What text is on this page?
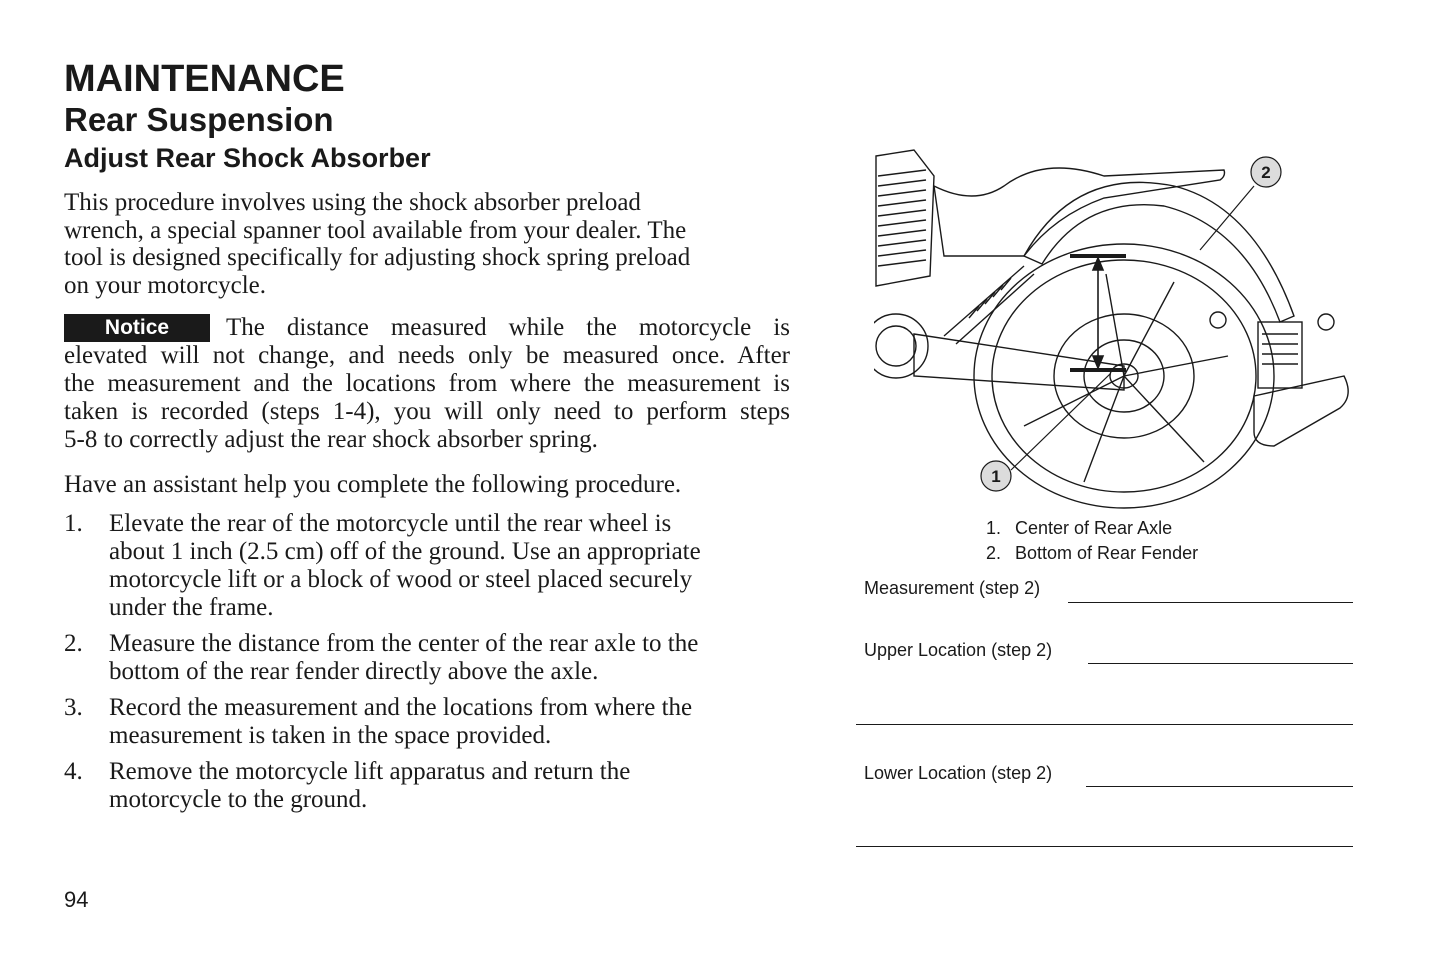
MAINTENANCE
Rear Suspension
Adjust Rear Shock Absorber
This procedure involves using the shock absorber preload
wrench, a special spanner tool available from your dealer. The
tool is designed specifically for adjusting shock spring preload
on your motorcycle.
Notice	The distance measured while the motorcycle is
elevated will not change, and needs only be measured once. After
the measurement and the locations from where the measurement is
taken is recorded (steps 1-4), you will only need to perform steps
5-8 to correctly adjust the rear shock absorber spring.
Have an assistant help you complete the following procedure.
1.	Elevate the rear of the motorcycle until the rear wheel is
about 1 inch (2.5 cm) off of the ground. Use an appropriate
motorcycle lift or a block of wood or steel placed securely
under the frame.
2.	Measure the distance from the center of the rear axle to the
bottom of the rear fender directly above the axle.
3.	Record the measurement and the locations from where the
measurement is taken in the space provided.
4.	Remove the motorcycle lift apparatus and return the
motorcycle to the ground.
94
1
2
1. Center of Rear Axle
2. Bottom of Rear Fender
Measurement (step 2)
Upper Location (step 2)
Lower Location (step 2)
